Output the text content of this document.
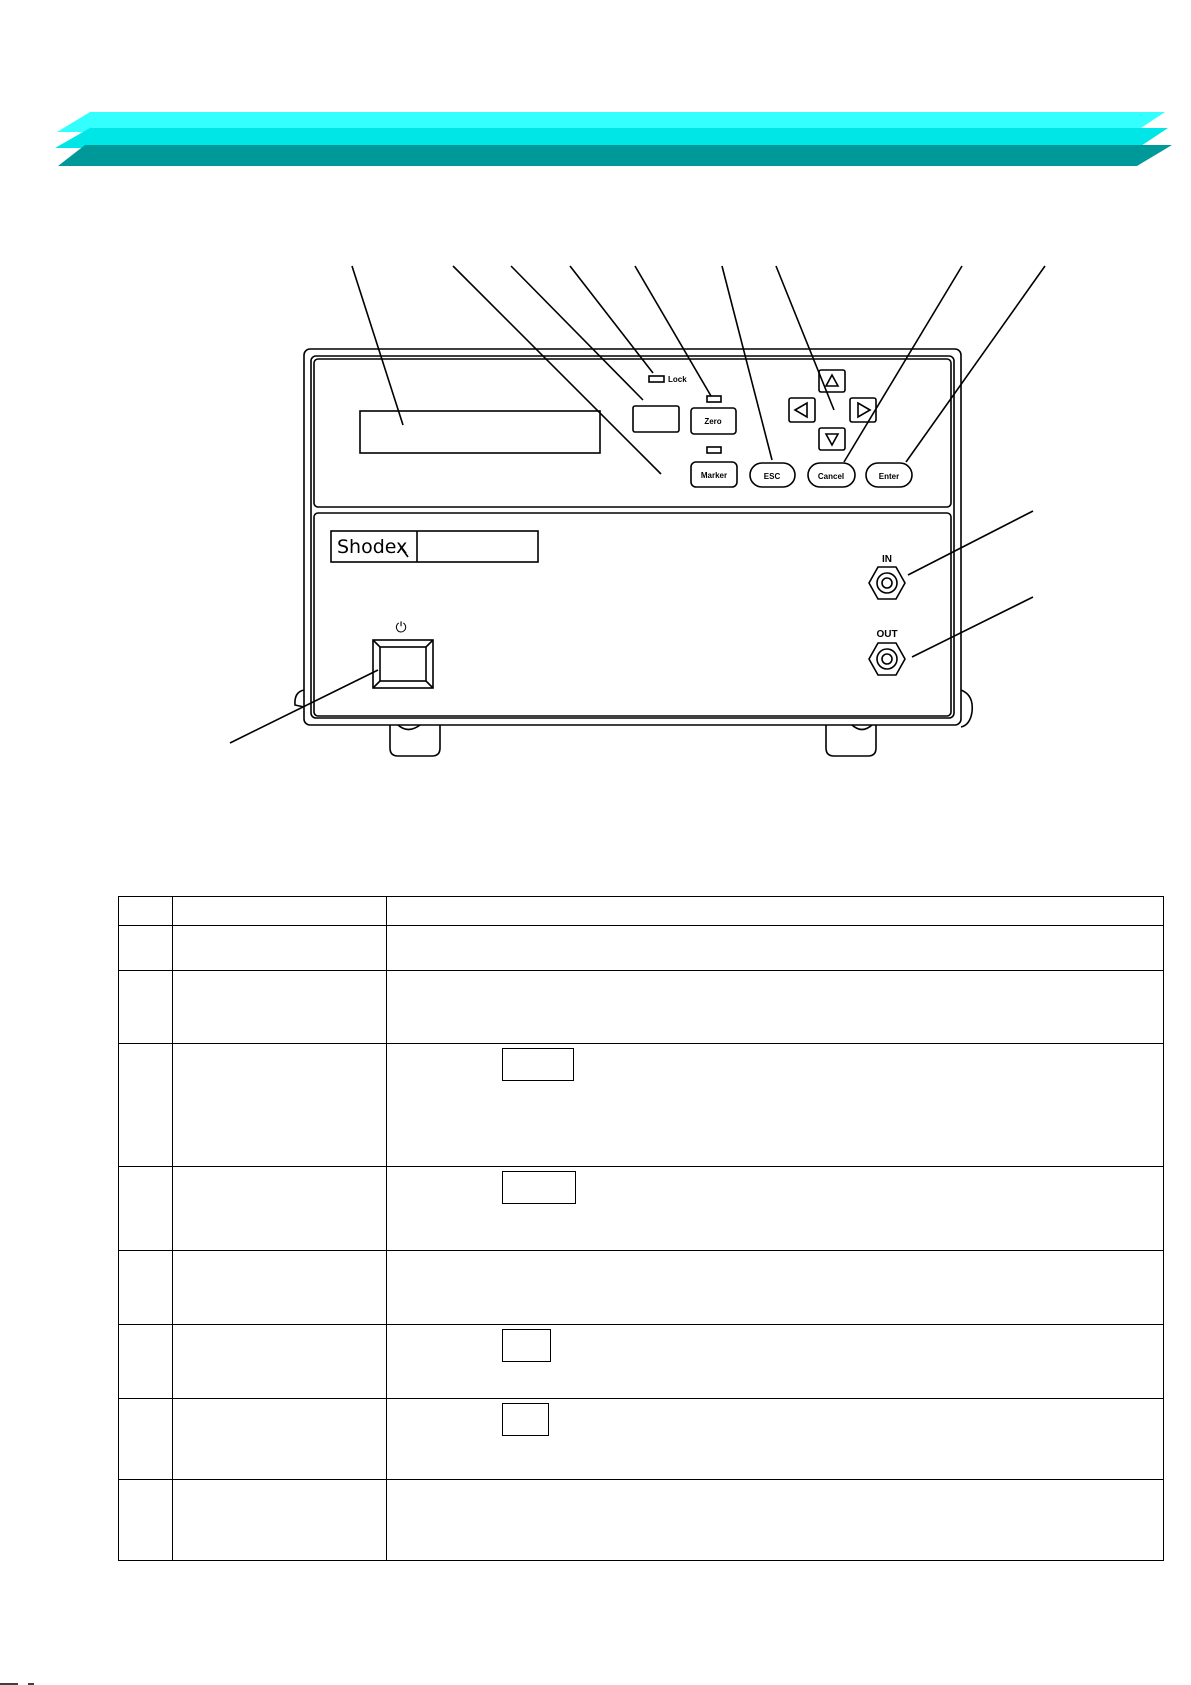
Lock
Zero
Marker	ESC	Cancel	Enter
Shodex
⏻
IN
OUT
